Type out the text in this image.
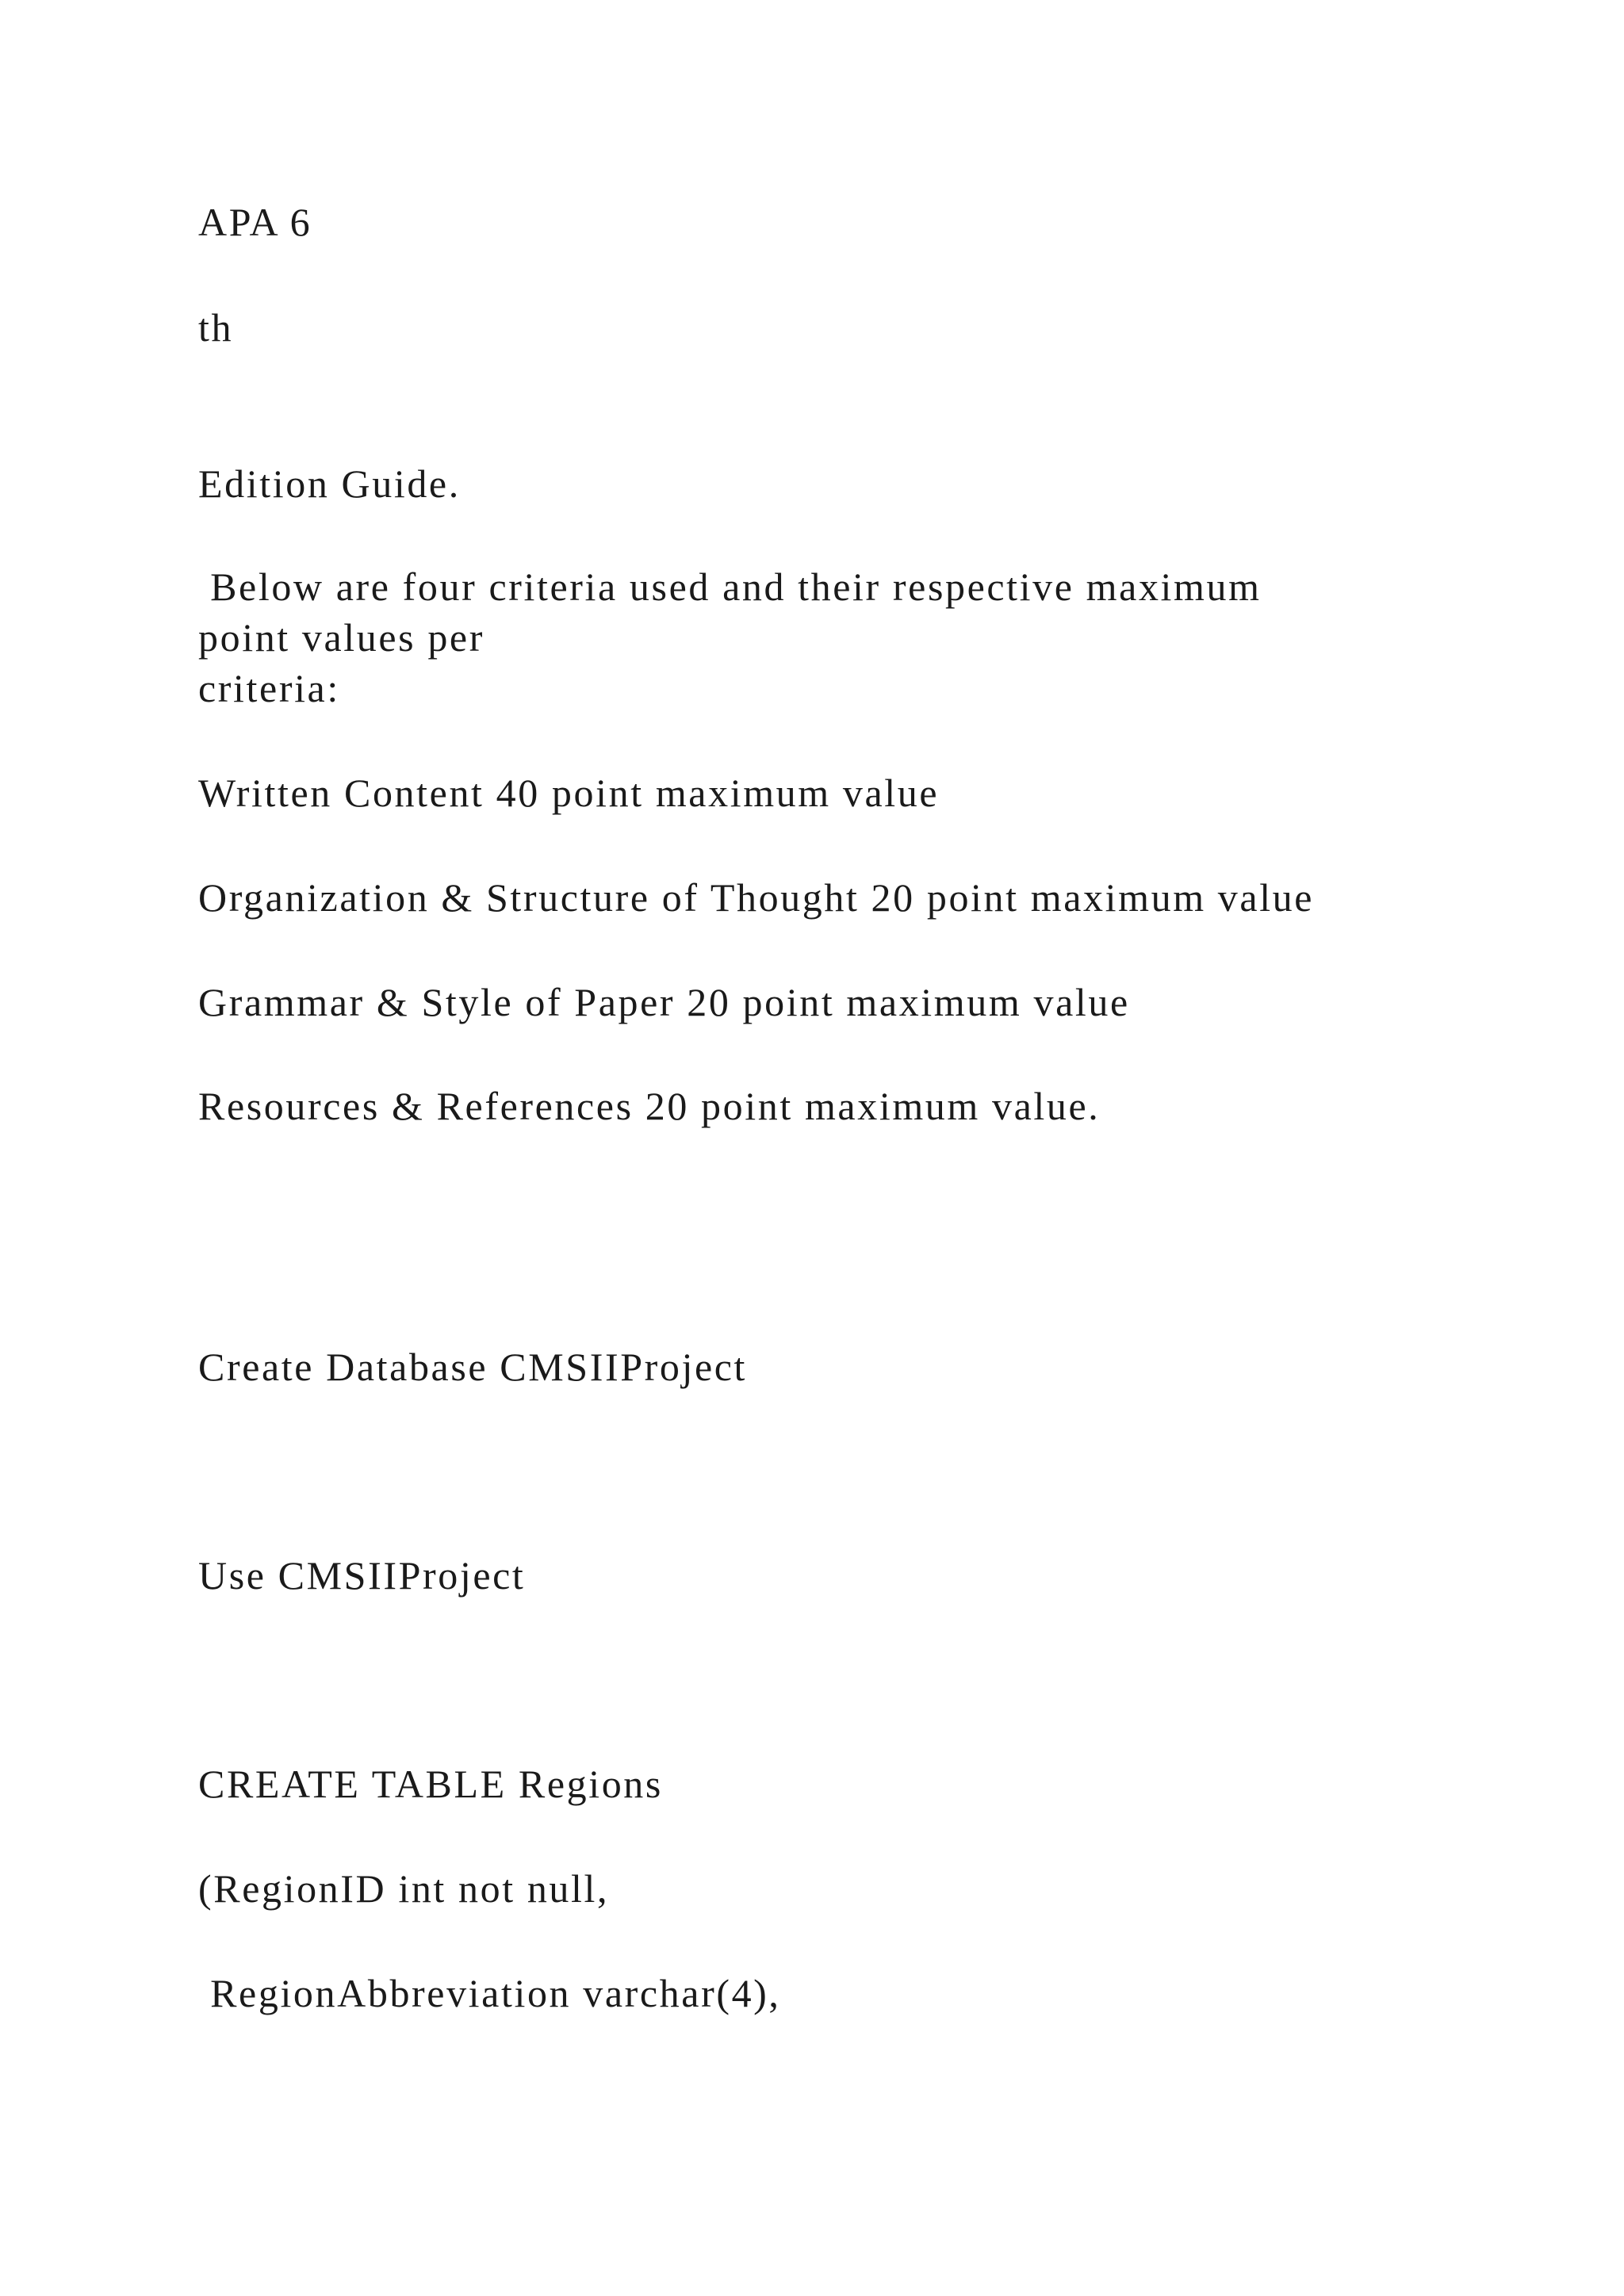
APA 6
th
Edition Guide.
Below are four criteria used and their respective maximum
point values per
criteria:
Written Content 40 point maximum value
Organization & Structure of Thought 20 point maximum value
Grammar & Style of Paper 20 point maximum value
Resources & References 20 point maximum value.
Create Database CMSIIProject
Use CMSIIProject
CREATE TABLE Regions
(RegionID int not null,
RegionAbbreviation varchar(4),
